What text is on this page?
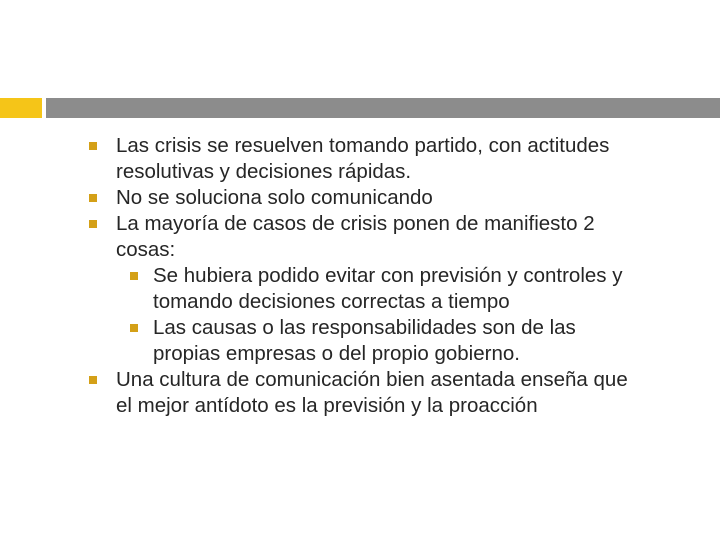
Las crisis se resuelven tomando partido, con actitudes resolutivas y decisiones rápidas.
No se soluciona solo comunicando
La mayoría de casos de crisis ponen de manifiesto 2 cosas:
Se hubiera podido evitar con previsión y controles y tomando decisiones correctas a tiempo
Las causas o las responsabilidades son de las propias empresas o del propio gobierno.
Una cultura de comunicación bien asentada enseña que el mejor antídoto es la previsión y la proacción
